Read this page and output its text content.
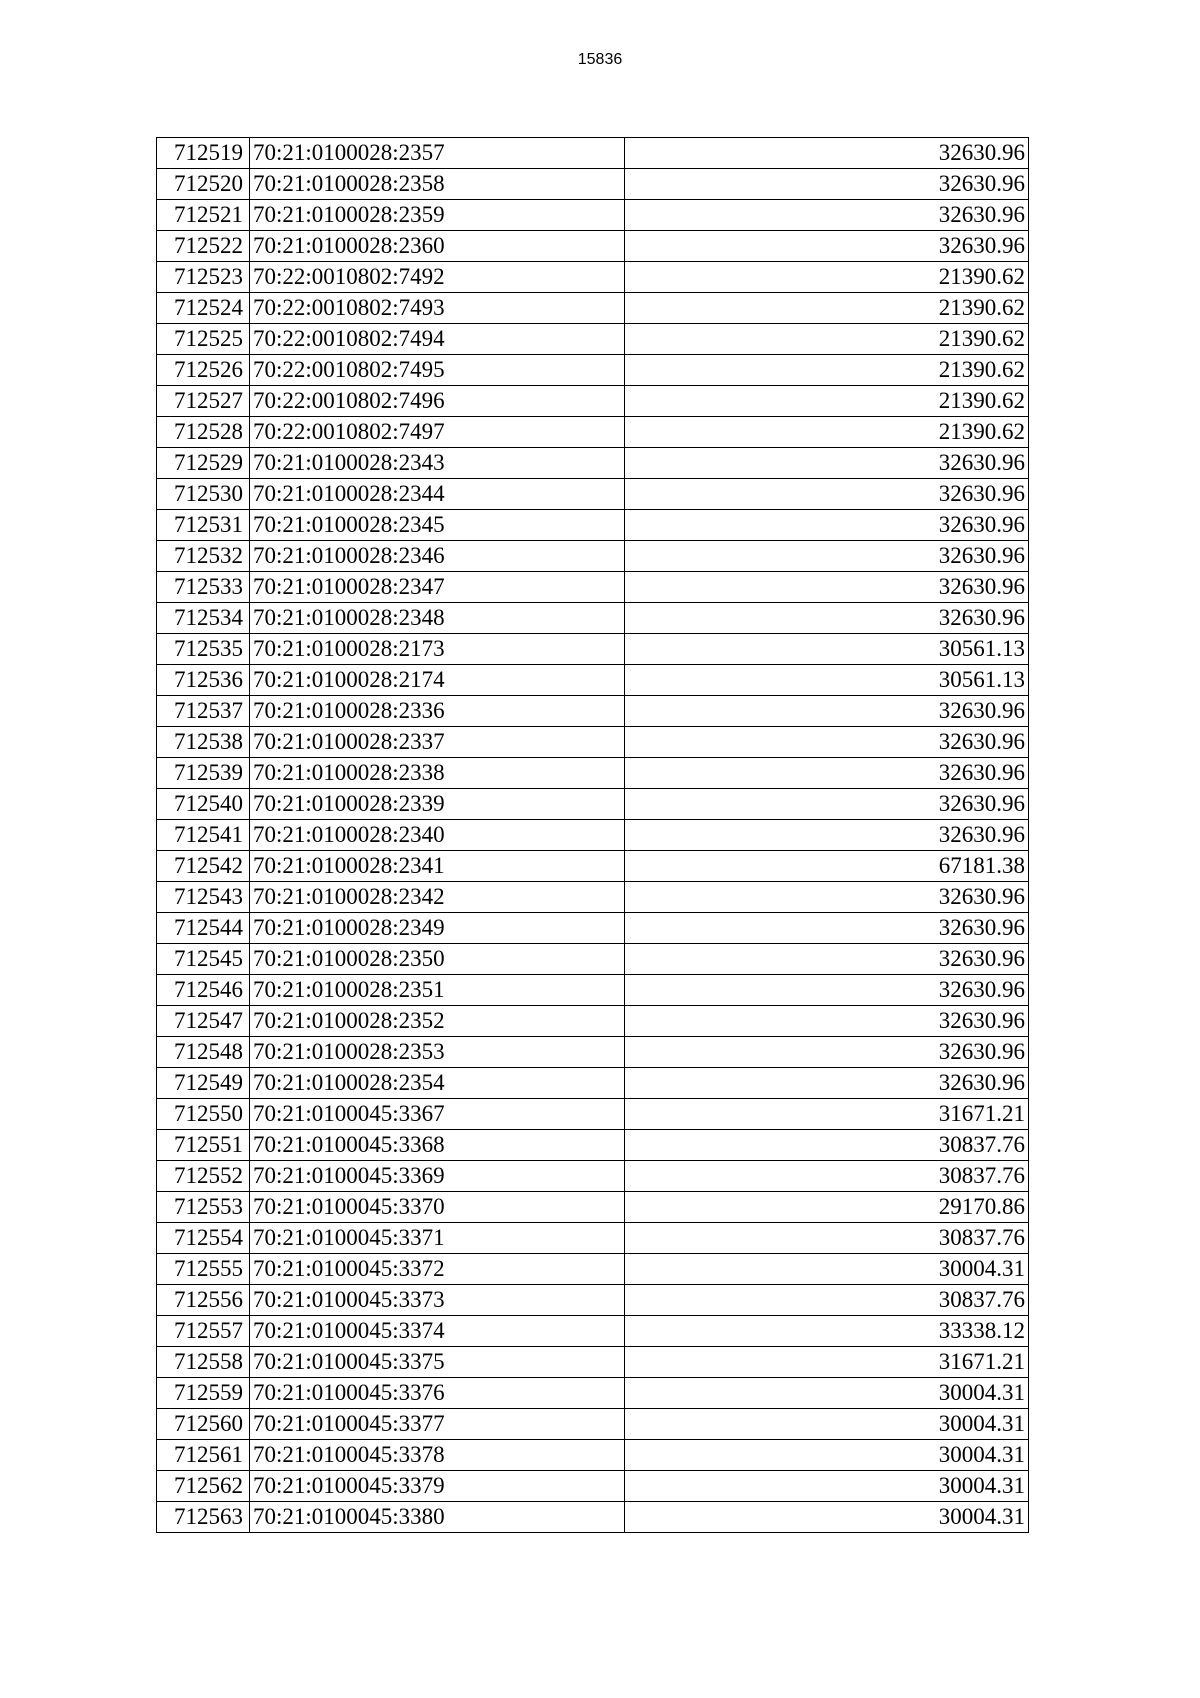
15836
712519	70:21:0100028:2357	32630.96
712520	70:21:0100028:2358	32630.96
712521	70:21:0100028:2359	32630.96
712522	70:21:0100028:2360	32630.96
712523	70:22:0010802:7492	21390.62
712524	70:22:0010802:7493	21390.62
712525	70:22:0010802:7494	21390.62
712526	70:22:0010802:7495	21390.62
712527	70:22:0010802:7496	21390.62
712528	70:22:0010802:7497	21390.62
712529	70:21:0100028:2343	32630.96
712530	70:21:0100028:2344	32630.96
712531	70:21:0100028:2345	32630.96
712532	70:21:0100028:2346	32630.96
712533	70:21:0100028:2347	32630.96
712534	70:21:0100028:2348	32630.96
712535	70:21:0100028:2173	30561.13
712536	70:21:0100028:2174	30561.13
712537	70:21:0100028:2336	32630.96
712538	70:21:0100028:2337	32630.96
712539	70:21:0100028:2338	32630.96
712540	70:21:0100028:2339	32630.96
712541	70:21:0100028:2340	32630.96
712542	70:21:0100028:2341	67181.38
712543	70:21:0100028:2342	32630.96
712544	70:21:0100028:2349	32630.96
712545	70:21:0100028:2350	32630.96
712546	70:21:0100028:2351	32630.96
712547	70:21:0100028:2352	32630.96
712548	70:21:0100028:2353	32630.96
712549	70:21:0100028:2354	32630.96
712550	70:21:0100045:3367	31671.21
712551	70:21:0100045:3368	30837.76
712552	70:21:0100045:3369	30837.76
712553	70:21:0100045:3370	29170.86
712554	70:21:0100045:3371	30837.76
712555	70:21:0100045:3372	30004.31
712556	70:21:0100045:3373	30837.76
712557	70:21:0100045:3374	33338.12
712558	70:21:0100045:3375	31671.21
712559	70:21:0100045:3376	30004.31
712560	70:21:0100045:3377	30004.31
712561	70:21:0100045:3378	30004.31
712562	70:21:0100045:3379	30004.31
712563	70:21:0100045:3380	30004.31
